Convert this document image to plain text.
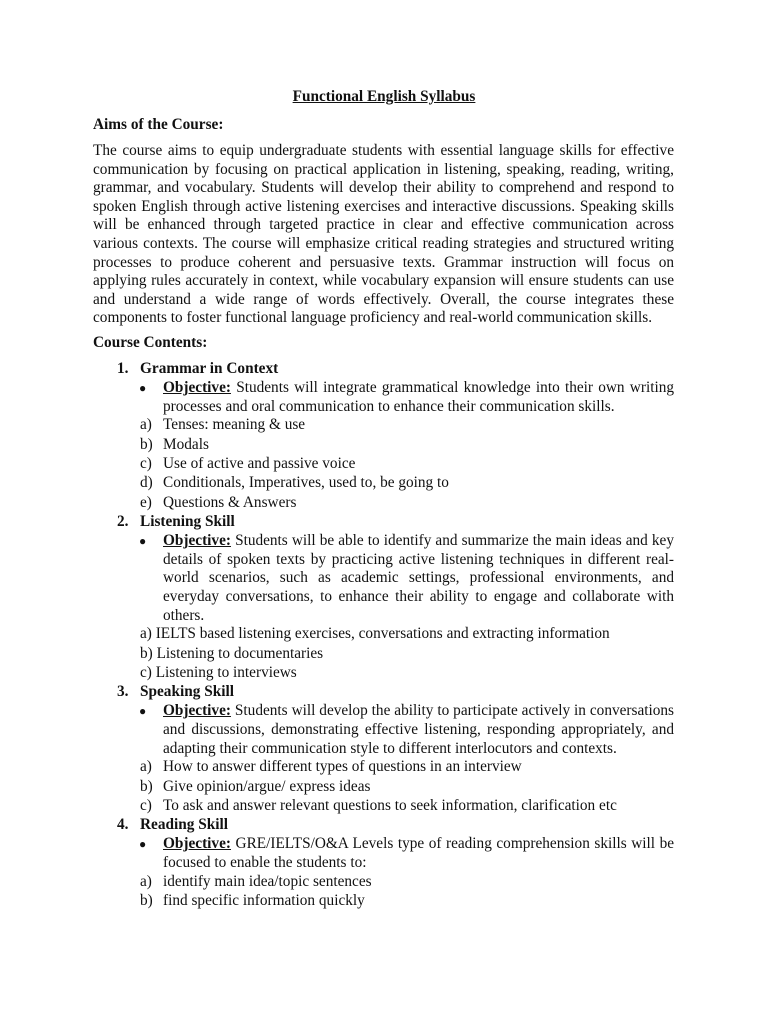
Functional English Syllabus
Aims of the Course:

The course aims to equip undergraduate students with essential language skills for effective communication by focusing on practical application in listening, speaking, reading, writing, grammar, and vocabulary. Students will develop their ability to comprehend and respond to spoken English through active listening exercises and interactive discussions. Speaking skills will be enhanced through targeted practice in clear and effective communication across various contexts. The course will emphasize critical reading strategies and structured writing processes to produce coherent and persuasive texts. Grammar instruction will focus on applying rules accurately in context, while vocabulary expansion will ensure students can use and understand a wide range of words effectively. Overall, the course integrates these components to foster functional language proficiency and real-world communication skills.

Course Contents:
1. Grammar in Context
● Objective: Students will integrate grammatical knowledge into their own writing processes and oral communication to enhance their communication skills.
a) Tenses: meaning & use
b) Modals
c) Use of active and passive voice
d) Conditionals, Imperatives, used to, be going to
e) Questions & Answers
2. Listening Skill
● Objective: Students will be able to identify and summarize the main ideas and key details of spoken texts by practicing active listening techniques in different real-world scenarios, such as academic settings, professional environments, and everyday conversations, to enhance their ability to engage and collaborate with others.
a) IELTS based listening exercises, conversations and extracting information
b) Listening to documentaries
c) Listening to interviews
3. Speaking Skill
● Objective: Students will develop the ability to participate actively in conversations and discussions, demonstrating effective listening, responding appropriately, and adapting their communication style to different interlocutors and contexts.
a) How to answer different types of questions in an interview
b) Give opinion/argue/ express ideas
c) To ask and answer relevant questions to seek information, clarification etc
4. Reading Skill
● Objective: GRE/IELTS/O&A Levels type of reading comprehension skills will be focused to enable the students to:
a) identify main idea/topic sentences
b) find specific information quickly
